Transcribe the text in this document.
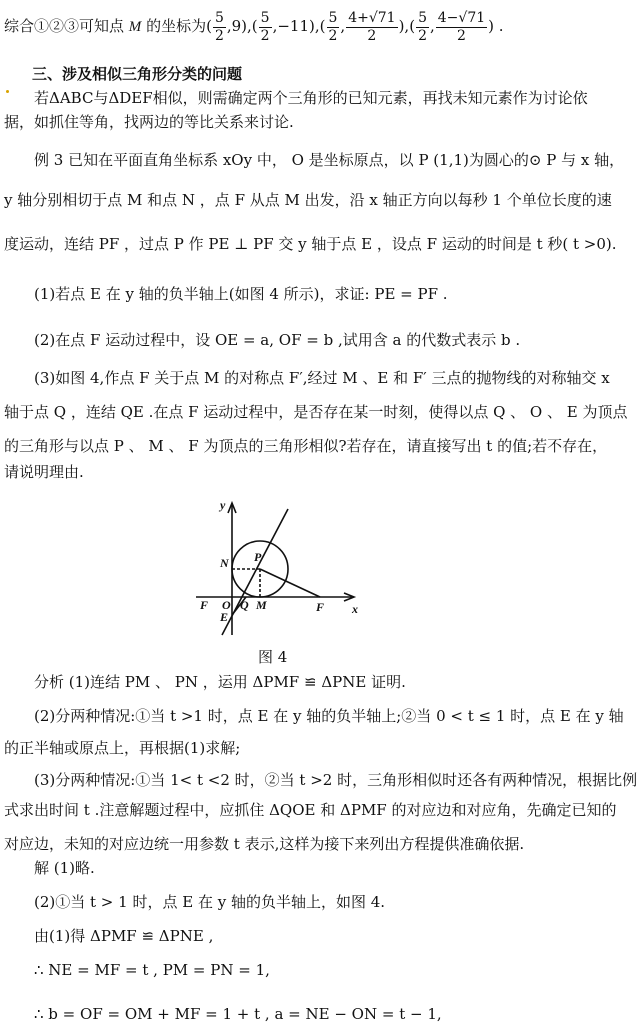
综合①②③可知点 M 的坐标为( $\frac{5}{2} ,9),( \frac{5}{2} ,-11),( \frac{5}{2}$ , $\frac{4+√71}{2}$ ),( $\frac{5}{2}$ , $\frac{4-√71}{2}$ ) .
三、涉及相似三角形分类的问题
若ΔABC与ΔDEF相似，则需确定两个三角形的已知元素，再找未知元素作为讨论依
据，如抓住等角，找两边的等比关系来讨论.
例 3 已知在平面直角坐标系 xOy 中， O 是坐标原点，以 P (1,1)为圆心的⊙ P 与 x 轴，
y 轴分别相切于点 M 和点 N ，点 F 从点 M 出发，沿 x 轴正方向以每秒 1 个单位长度的速
度运动，连结 PF ，过点 P 作 PE ⊥ PF 交 y 轴于点 E ，设点 F 运动的时间是 t 秒( t >0).
(1)若点 E 在 y 轴的负半轴上(如图 4 所示)，求证: PE = PF .
(2)在点 F 运动过程中，设 OE = a, OF = b ,试用含 a 的代数式表示 b .
(3)如图 4,作点 F 关于点 M 的对称点 F′,经过 M 、E 和 F′ 三点的抛物线的对称轴交 x
轴于点 Q ，连结 QE .在点 F 运动过程中，是否存在某一时刻，使得以点 Q 、 O 、 E 为顶点
的三角形与以点 P 、 M 、 F 为顶点的三角形相似?若存在，请直接写出 t 的值;若不存在，
请说明理由.
y
x
N P
O Q M
F	F
E
图 4
分析 (1)连结 PM 、 PN ，运用 ΔPMF ≌ ΔPNE 证明.
(2)分两种情况:①当 t >1 时，点 E 在 y 轴的负半轴上;②当 0 < t ≤ 1 时，点 E 在 y 轴
的正半轴或原点上，再根据(1)求解;
(3)分两种情况:①当 1< t <2 时，②当 t >2 时，三角形相似时还各有两种情况，根据比例
式求出时间 t .注意解题过程中，应抓住 ΔQOE 和 ΔPMF 的对应边和对应角，先确定已知的
对应边，未知的对应边统一用参数 t 表示,这样为接下来列出方程提供准确依据.
解 (1)略.
(2)①当 t > 1 时，点 E 在 y 轴的负半轴上，如图 4.
由(1)得 ΔPMF ≌ ΔPNE ,
∴ NE = MF = t , PM = PN = 1,
∴ b = OF = OM + MF = 1 + t , a = NE − ON = t − 1,
